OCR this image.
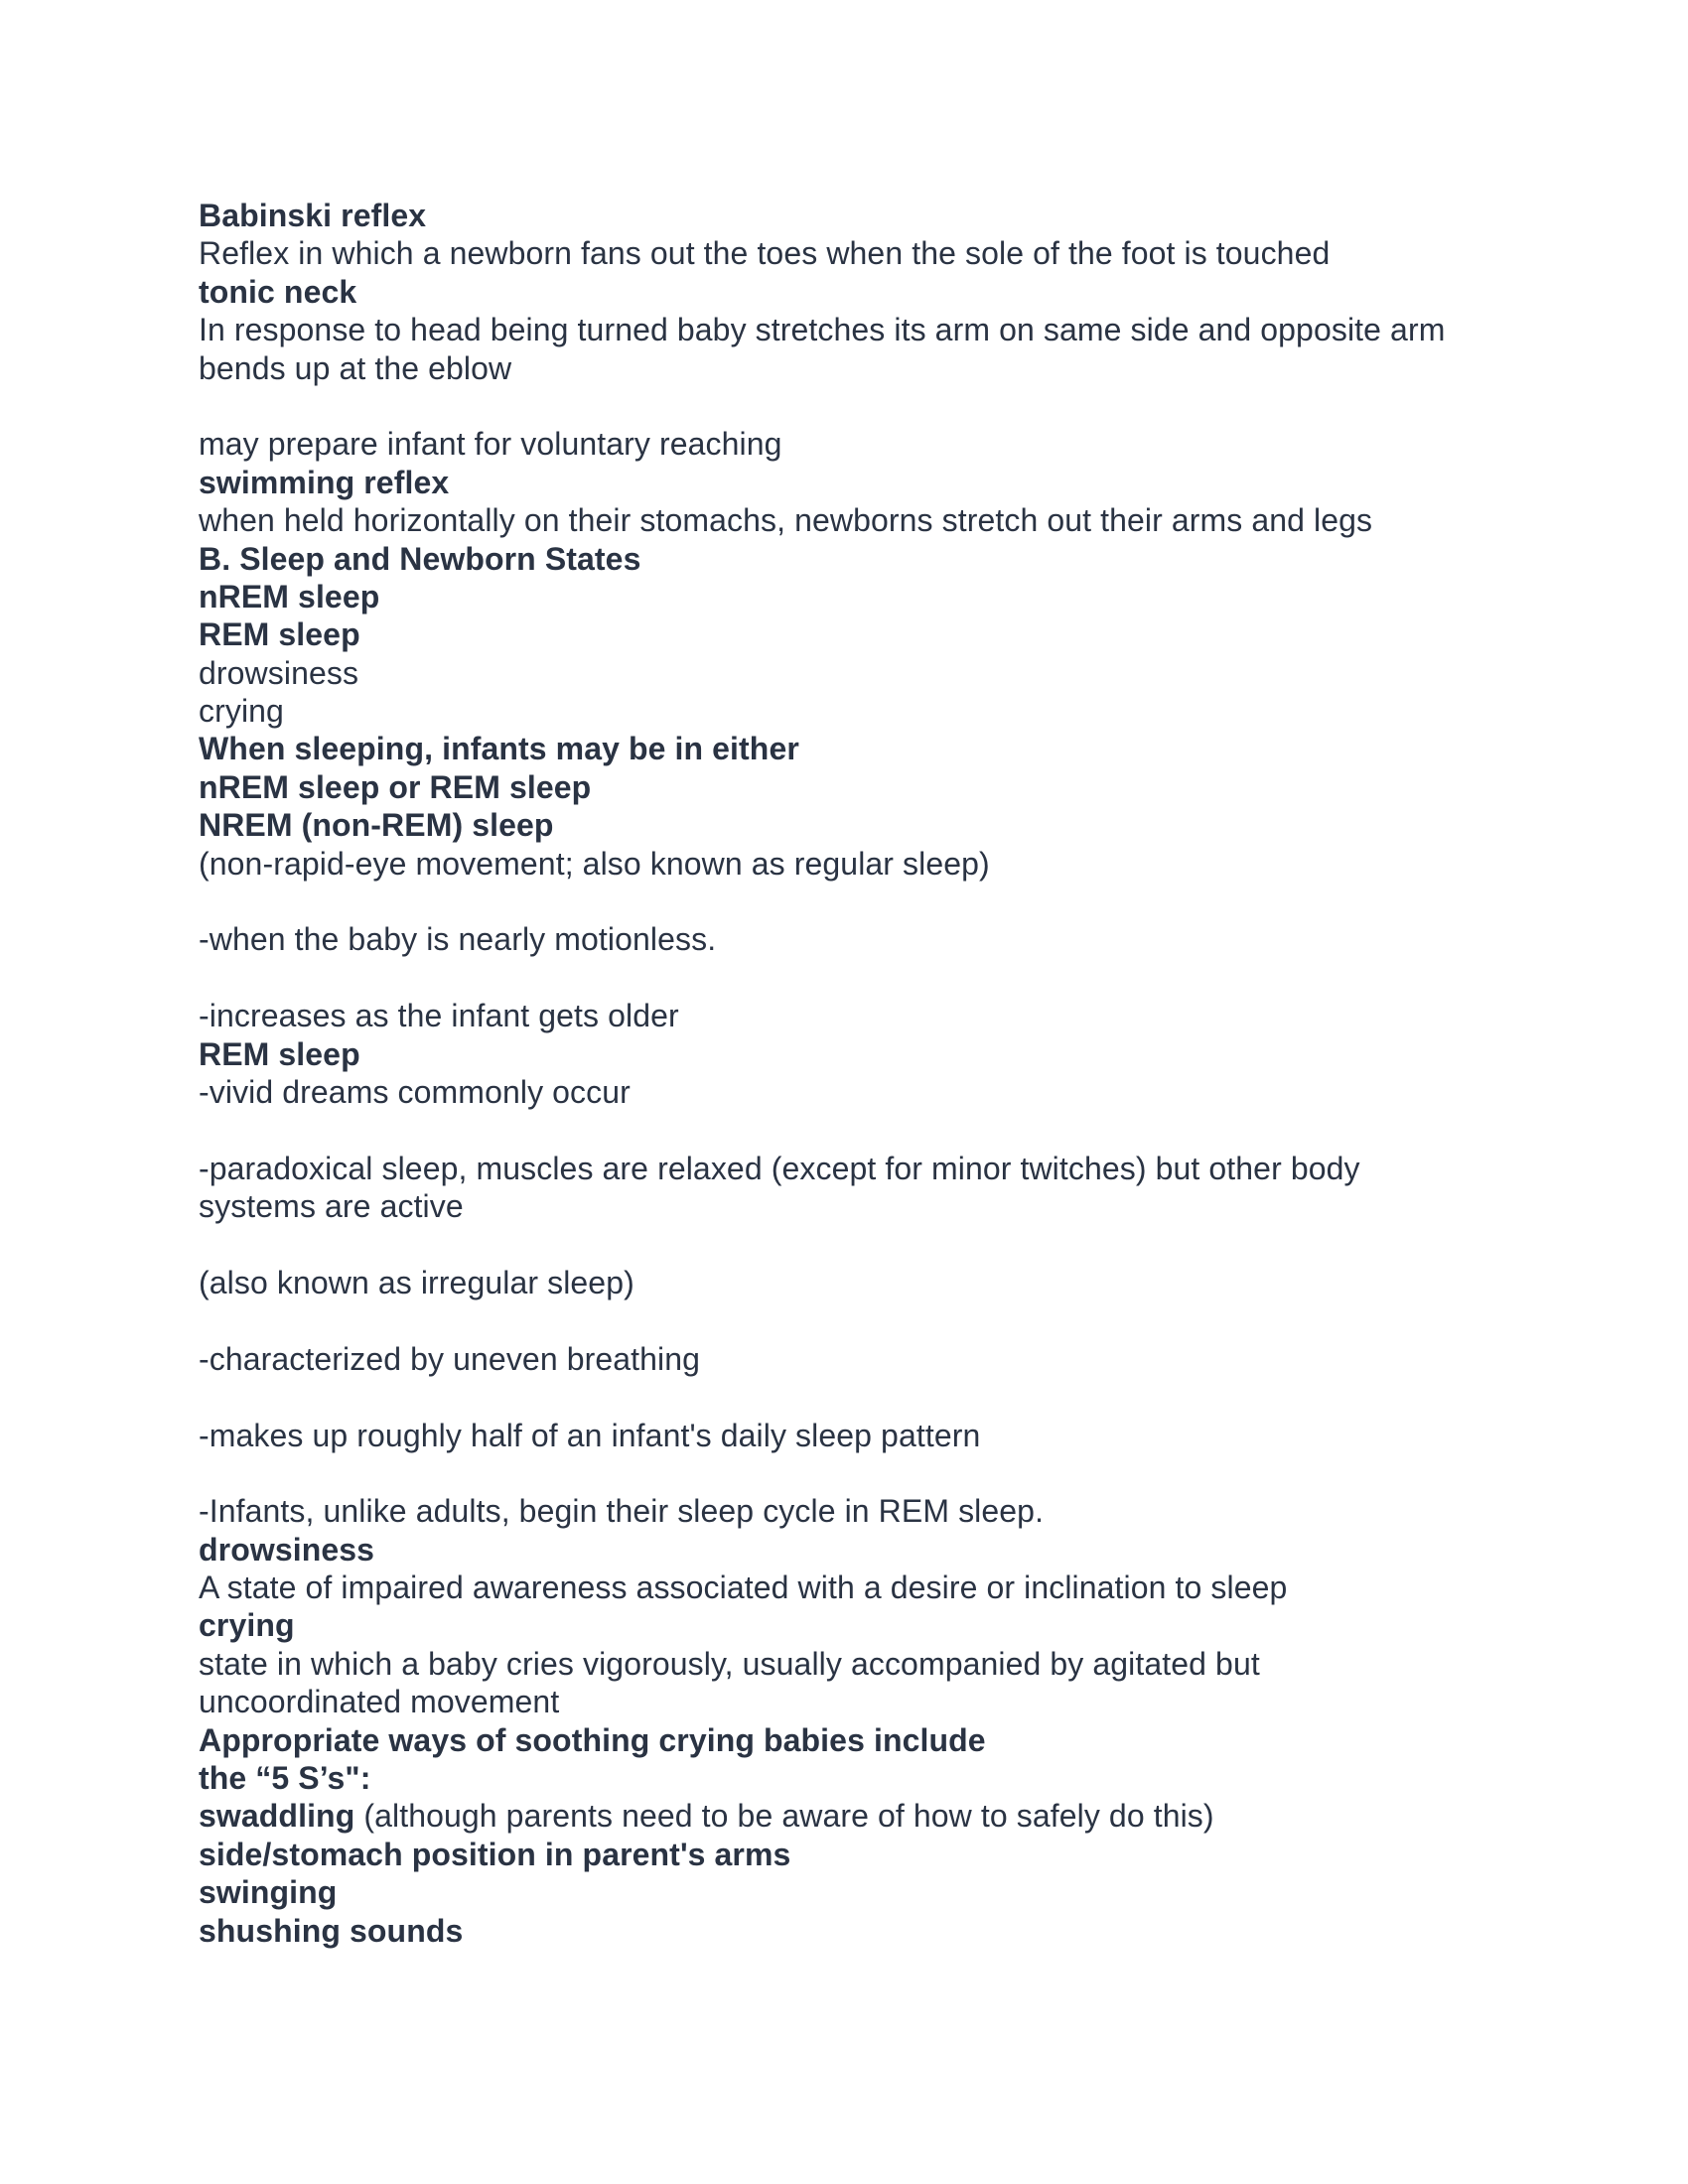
Babinski reflex
Reflex in which a newborn fans out the toes when the sole of the foot is touched
tonic neck
In response to head being turned baby stretches its arm on same side and opposite arm
bends up at the eblow

may prepare infant for voluntary reaching
swimming reflex
when held horizontally on their stomachs, newborns stretch out their arms and legs
B. Sleep and Newborn States
nREM sleep
REM sleep
drowsiness
crying
When sleeping, infants may be in either
nREM sleep or REM sleep
NREM (non-REM) sleep
(non-rapid-eye movement; also known as regular sleep)

-when the baby is nearly motionless.

-increases as the infant gets older
REM sleep
-vivid dreams commonly occur

-paradoxical sleep, muscles are relaxed (except for minor twitches) but other body
systems are active

(also known as irregular sleep)

-characterized by uneven breathing

-makes up roughly half of an infant's daily sleep pattern

-Infants, unlike adults, begin their sleep cycle in REM sleep.
drowsiness
A state of impaired awareness associated with a desire or inclination to sleep
crying
state in which a baby cries vigorously, usually accompanied by agitated but
uncoordinated movement
Appropriate ways of soothing crying babies include
the “5 S’s":
swaddling (although parents need to be aware of how to safely do this)
side/stomach position in parent's arms
swinging
shushing sounds
